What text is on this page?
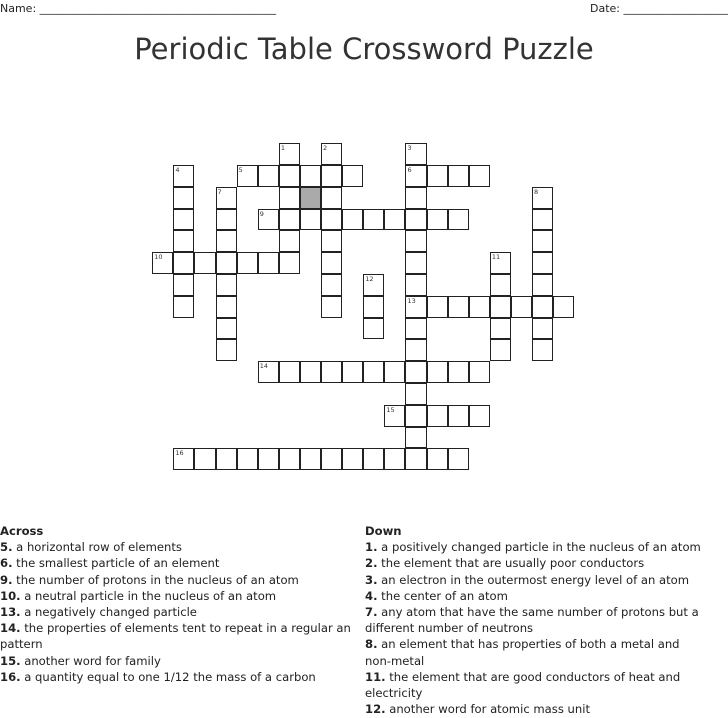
Name: ___________________________________________	Date: ___________________
Periodic Table Crossword Puzzle
5	6
9
10
13
14
15
16
1	2	3
4
7	8
11
12
Across
5. a horizontal row of elements
6. the smallest particle of an element
9. the number of protons in the nucleus of an atom
10. a neutral particle in the nucleus of an atom
13. a negatively changed particle
14. the properties of elements tent to repeat in a regular an pattern
15. another word for family
16. a quantity equal to one 1/12 the mass of a carbon
Down
1. a positively changed particle in the nucleus of an atom
2. the element that are usually poor conductors
3. an electron in the outermost energy level of an atom
4. the center of an atom
7. any atom that have the same number of protons but a different number of neutrons
8. an element that has properties of both a metal and non-metal
11. the element that are good conductors of heat and electricity
12. another word for atomic mass unit
